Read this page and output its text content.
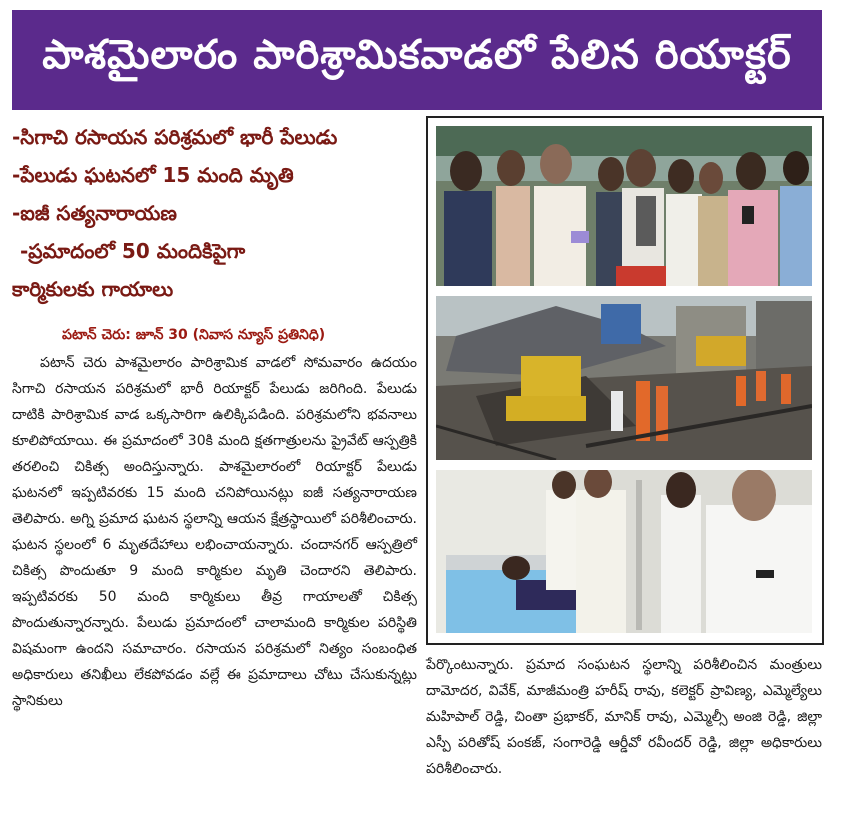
పాశమైలారం పారిశ్రామికవాడలో పేలిన రియాక్టర్

-సిగాచి రసాయన పరిశ్రమలో భారీ పేలుడు

-పేలుడు ఘటనలో 15 మంది మృతి

-ఐజీ సత్యనారాయణ

-ప్రమాదంలో 50 మందికిపైగా

కార్మికులకు గాయాలు

పటాన్ చెరు: జూన్ 30 (నివాస న్యూస్ ప్రతినిధి)

పటాన్ చెరు పాశమైలారం పారిశ్రామిక వాడలో సోమవారం ఉదయం సిగాచి రసాయన పరిశ్రమలో భారీ రియాక్టర్ పేలుడు జరిగింది. పేలుడు దాటికి పారిశ్రామిక వాడ ఒక్కసారిగా ఉలిక్కిపడింది. పరిశ్రమలోని భవనాలు కూలిపోయాయి. ఈ ప్రమాదంలో 30కి మంది క్షతగాత్రులను ప్రైవేట్ ఆస్పత్రికి తరలించి చికిత్స అందిస్తున్నారు. పాశమైలారంలో రియాక్టర్ పేలుడు ఘటనలో ఇప్పటివరకు 15 మంది చనిపోయినట్లు ఐజీ సత్యనారాయణ తెలిపారు. అగ్ని ప్రమాద ఘటన స్థలాన్ని ఆయన క్షేత్రస్థాయిలో పరిశీలించారు. ఘటన స్థలంలో 6 మృతదేహాలు లభించాయన్నారు. చందానగర్ ఆస్పత్రిలో చికిత్స పొందుతూ 9 మంది కార్మికుల మృతి చెందారని తెలిపారు. ఇప్పటివరకు 50 మంది కార్మికులు తీవ్ర గాయాలతో చికిత్స పొందుతున్నారన్నారు. పేలుడు ప్రమాదంలో చాలామంది కార్మికుల పరిస్థితి విషమంగా ఉందని సమాచారం. రసాయన పరిశ్రమలో నిత్యం సంబంధిత అధికారులు తనిఖీలు లేకపోవడం వల్లే ఈ ప్రమాదాలు చోటు చేసుకున్నట్లు స్థానికులు

పేర్కొంటున్నారు. ప్రమాద సంఘటన స్థలాన్ని పరిశీలించిన మంత్రులు దామోదర, వివేక్, మాజీమంత్రి హరీష్ రావు, కలెక్టర్ ప్రావిణ్య, ఎమ్మెల్యేలు మహిపాల్ రెడ్డి, చింతా ప్రభాకర్, మానిక్ రావు, ఎమ్మెల్సీ అంజి రెడ్డి, జిల్లా ఎస్పీ పరితోష్ పంకజ్, సంగారెడ్డి ఆర్డీవో రవీందర్ రెడ్డి, జిల్లా అధికారులు పరిశీలించారు.
